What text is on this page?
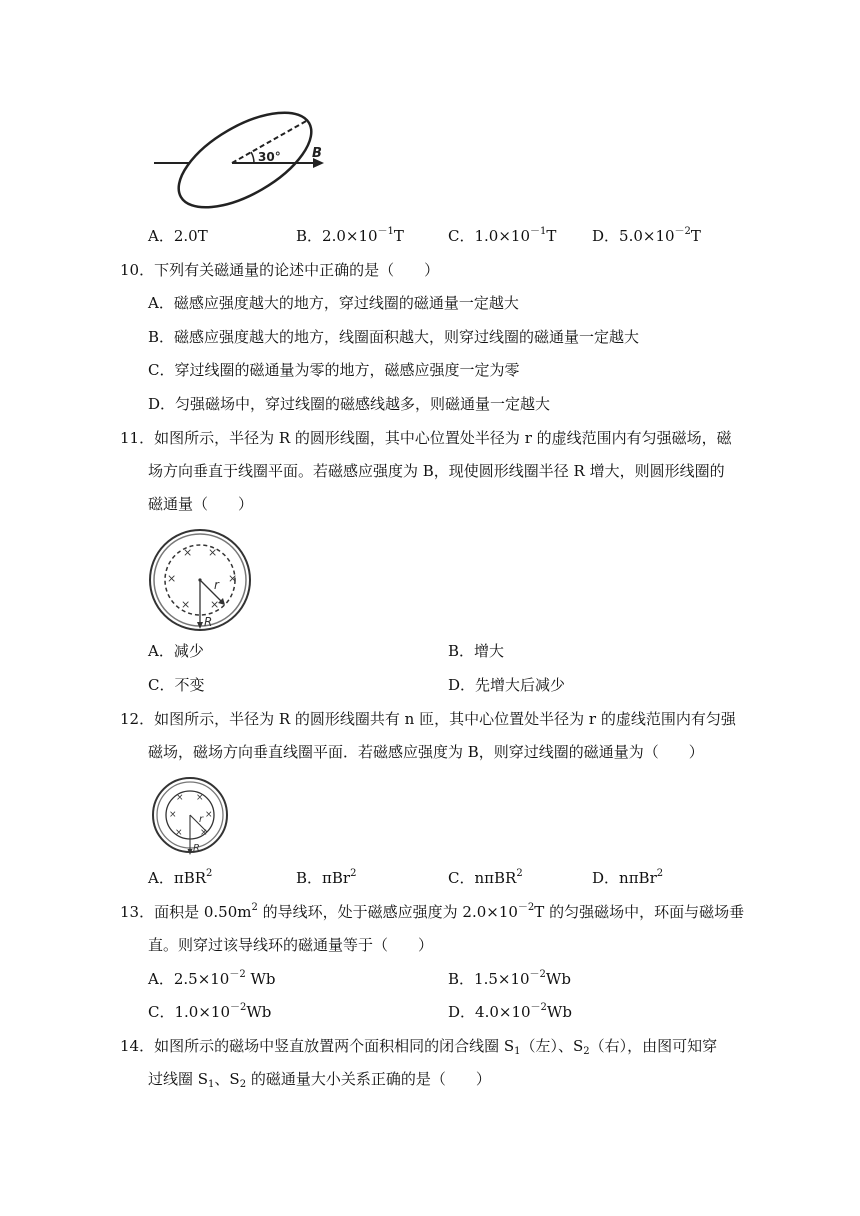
30° B
A．2.0T	B．$2.0\times 10^{-1}T$	C．$1.0\times 10^{-1}T$ D．$5.0\times 10^{-2}T$
10．下列有关磁通量的论述中正确的是（　　）
A．磁感应强度越大的地方，穿过线圈的磁通量一定越大
B．磁感应强度越大的地方，线圈面积越大，则穿过线圈的磁通量一定越大
C．穿过线圈的磁通量为零的地方，磁感应强度一定为零
D．匀强磁场中，穿过线圈的磁感线越多，则磁通量一定越大
11．如图所示，半径为 R 的圆形线圈，其中心位置处半径为 r 的虚线范围内有匀强磁场，磁
场方向垂直于线圈平面。若磁感应强度为 B，现使圆形线圈半径 R 增大，则圆形线圈的
磁通量（　　）
× ×
×	×
× ×
r
R
A．减少	B．增大
C．不变	D．先增大后减少
12．如图所示，半径为 R 的圆形线圈共有 n 匝，其中心位置处半径为 r 的虚线范围内有匀强
磁场，磁场方向垂直线圈平面．若磁感应强度为 B，则穿过线圈的磁通量为（　　）
× ×
×	×
× ×
r
R
A．πBR$^2$	B．πBr$^2$	C．nπBR$^2$	D．nπBr$^2$
13．面积是 $0.50m^2$ 的导线环，处于磁感应强度为 $2.0\times 10^{-2}T$ 的匀强磁场中，环面与磁场垂
直。则穿过该导线环的磁通量等于（　　）
A．$2.5\times 10^{-2}$ Wb	B．$1.5\times 10^{-2}Wb$
C．$1.0\times 10^{-2}Wb$	D．$4.0\times 10^{-2}Wb$
14．如图所示的磁场中竖直放置两个面积相同的闭合线圈 $S_1$（左）、$S_2$（右），由图可知穿
过线圈 $S_1$、$S_2$ 的磁通量大小关系正确的是（　　）
